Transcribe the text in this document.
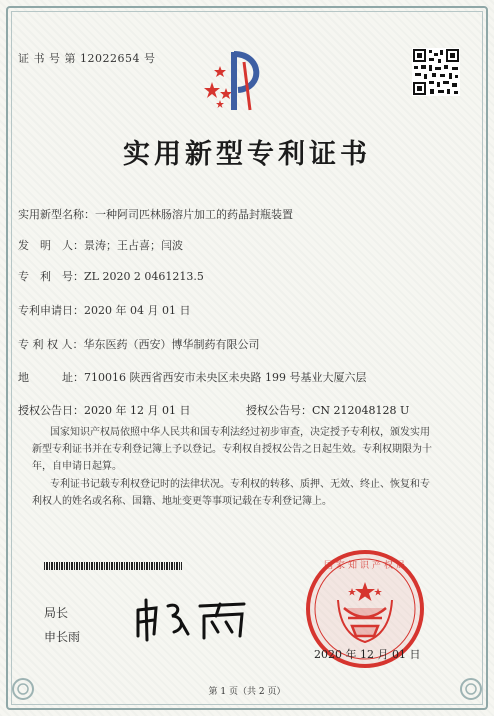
证 书 号 第 12022654 号
实用新型专利证书
实用新型名称：一种阿司匹林肠溶片加工的药晶封瓶装置
发　明　人：景涛；王占喜；闫波
专　利　号：ZL 2020 2 0461213.5
专利申请日：2020 年 04 月 01 日
专 利 权 人：华东医药（西安）博华制药有限公司
地　　　址：710016 陕西省西安市未央区未央路 199 号基业大厦六层
授权公告日：2020 年 12 月 01 日	授权公告号：CN 212048128 U
国家知识产权局依照中华人民共和国专利法经过初步审查，决定授予专利权，颁发实用
新型专利证书并在专利登记簿上予以登记。专利权自授权公告之日起生效。专利权期限为十
年，自申请日起算。
专利证书记载专利权登记时的法律状况。专利权的转移、质押、无效、终止、恢复和专
利权人的姓名或名称、国籍、地址变更等事项记载在专利登记簿上。
局长
申长雨
国家知识产权局
2020 年 12 月 01 日
第 1 页（共 2 页）
